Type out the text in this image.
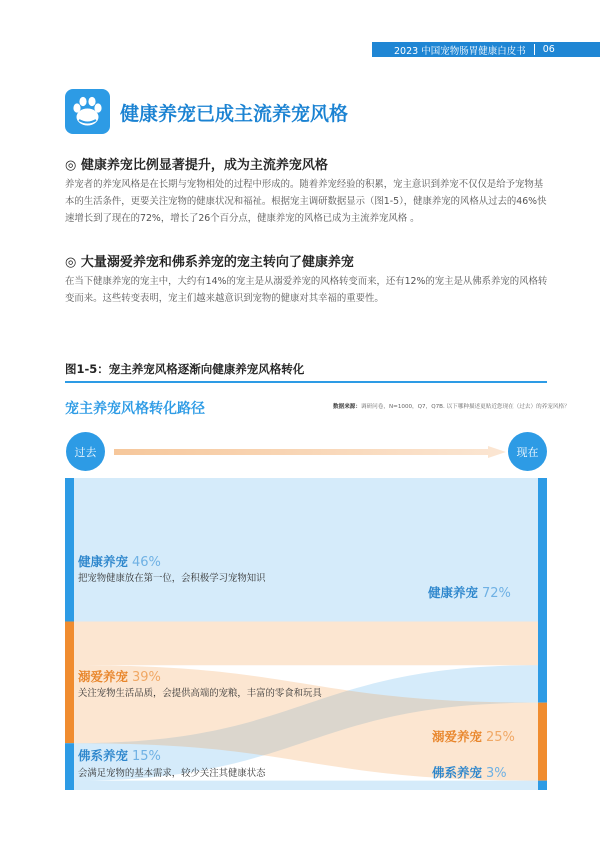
2023 中国宠物肠胃健康白皮书 06
健康养宠已成主流养宠风格
◎ 健康养宠比例显著提升，成为主流养宠风格
养宠者的养宠风格是在长期与宠物相处的过程中形成的。随着养宠经验的积累，宠主意识到养宠不仅仅是给予宠物基本的生活条件，更要关注宠物的健康状况和福祉。根据宠主调研数据显示（图1-5），健康养宠的风格从过去的46%快速增长到了现在的72%，增长了26个百分点，健康养宠的风格已成为主流养宠风格 。
◎ 大量溺爱养宠和佛系养宠的宠主转向了健康养宠
在当下健康养宠的宠主中，大约有14%的宠主是从溺爱养宠的风格转变而来，还有12%的宠主是从佛系养宠的风格转变而来。这些转变表明，宠主们越来越意识到宠物的健康对其幸福的重要性。
图1-5：宠主养宠风格逐渐向健康养宠风格转化
宠主养宠风格转化路径	数据来源：调研问卷，N=1000，Q7，Q7B. 以下哪种描述更贴近您现在（过去）的养宠风格？
过去	现在
健康养宠 46%
把宠物健康放在第一位，会积极学习宠物知识
溺爱养宠 39%
关注宠物生活品质，会提供高端的宠粮，丰富的零食和玩具
佛系养宠 15%
会满足宠物的基本需求，较少关注其健康状态
健康养宠 72%
溺爱养宠 25%
佛系养宠 3%
